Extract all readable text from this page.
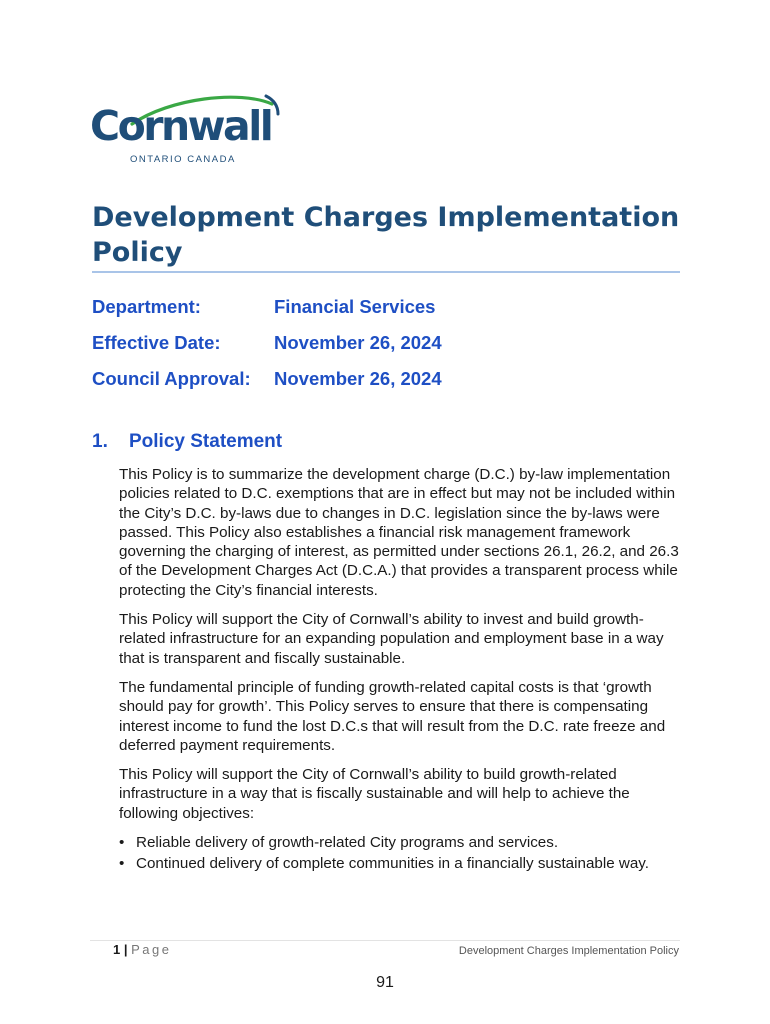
Cornwall
ONTARIO CANADA
Development Charges Implementation Policy
Department:	Financial Services
Effective Date:	November 26, 2024
Council Approval: November 26, 2024
1. Policy Statement

This Policy is to summarize the development charge (D.C.) by-law implementation policies related to D.C. exemptions that are in effect but may not be included within the City’s D.C. by-laws due to changes in D.C. legislation since the by-laws were passed. This Policy also establishes a financial risk management framework governing the charging of interest, as permitted under sections 26.1, 26.2, and 26.3 of the Development Charges Act (D.C.A.) that provides a transparent process while protecting the City’s financial interests.

This Policy will support the City of Cornwall’s ability to invest and build growth-related infrastructure for an expanding population and employment base in a way that is transparent and fiscally sustainable.

The fundamental principle of funding growth-related capital costs is that ‘growth should pay for growth’. This Policy serves to ensure that there is compensating interest income to fund the lost D.C.s that will result from the D.C. rate freeze and deferred payment requirements.

This Policy will support the City of Cornwall’s ability to build growth-related infrastructure in a way that is fiscally sustainable and will help to achieve the following objectives:

• Reliable delivery of growth-related City programs and services.
• Continued delivery of complete communities in a financially sustainable way.
1 | Page	Development Charges Implementation Policy
91
